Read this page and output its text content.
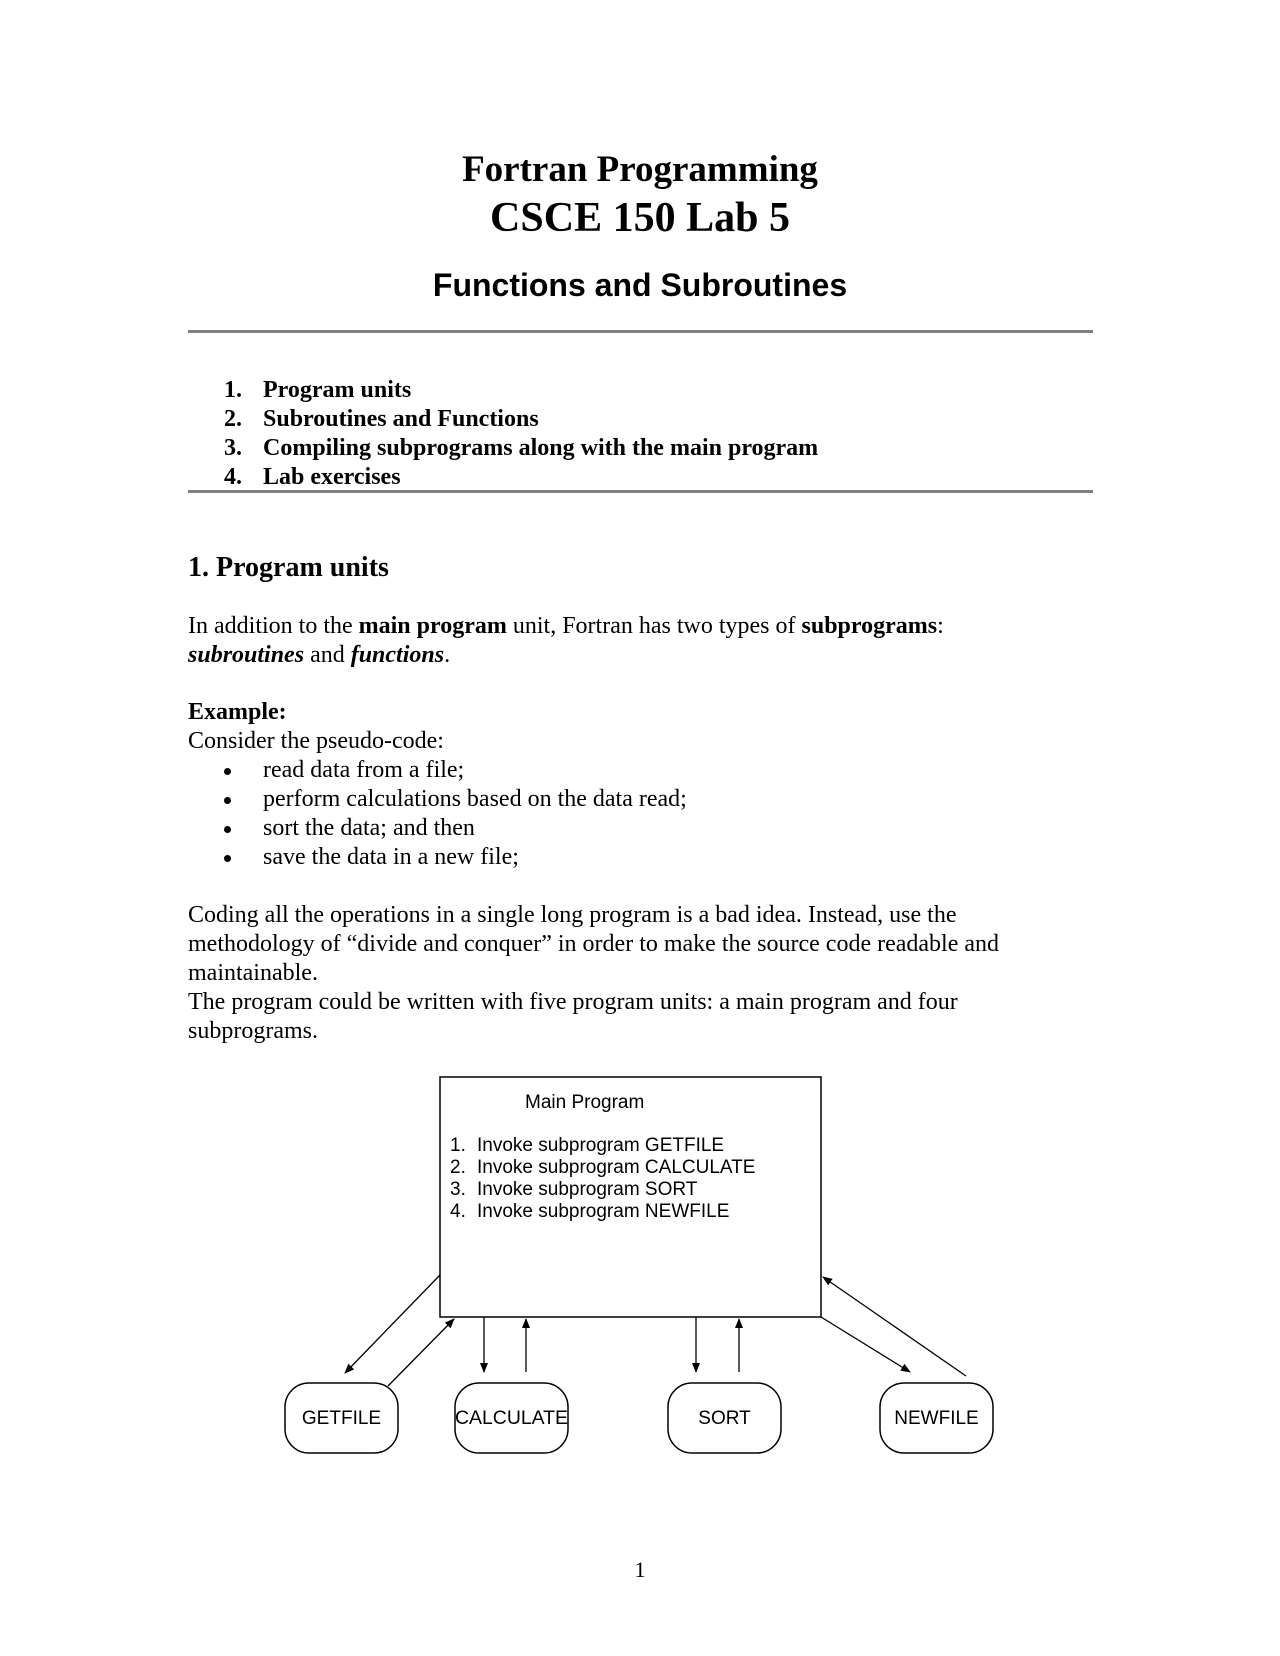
Fortran Programming
CSCE 150 Lab 5
Functions and Subroutines
1. Program units
2. Subroutines and Functions
3. Compiling subprograms along with the main program
4. Lab exercises
1. Program units

In addition to the main program unit, Fortran has two types of subprograms:
subroutines and functions.

Example:

Consider the pseudo-code:

read data from a file;
perform calculations based on the data read;
sort the data; and then
save the data in a new file;

Coding all the operations in a single long program is a bad idea. Instead, use the methodology of “divide and conquer” in order to make the source code readable and maintainable.

The program could be written with five program units: a main program and four subprograms.

Main Program
1. Invoke subprogram GETFILE
2. Invoke subprogram CALCULATE
3. Invoke subprogram SORT
4. Invoke subprogram NEWFILE
GETFILE	CALCULATE	SORT	NEWFILE
1
